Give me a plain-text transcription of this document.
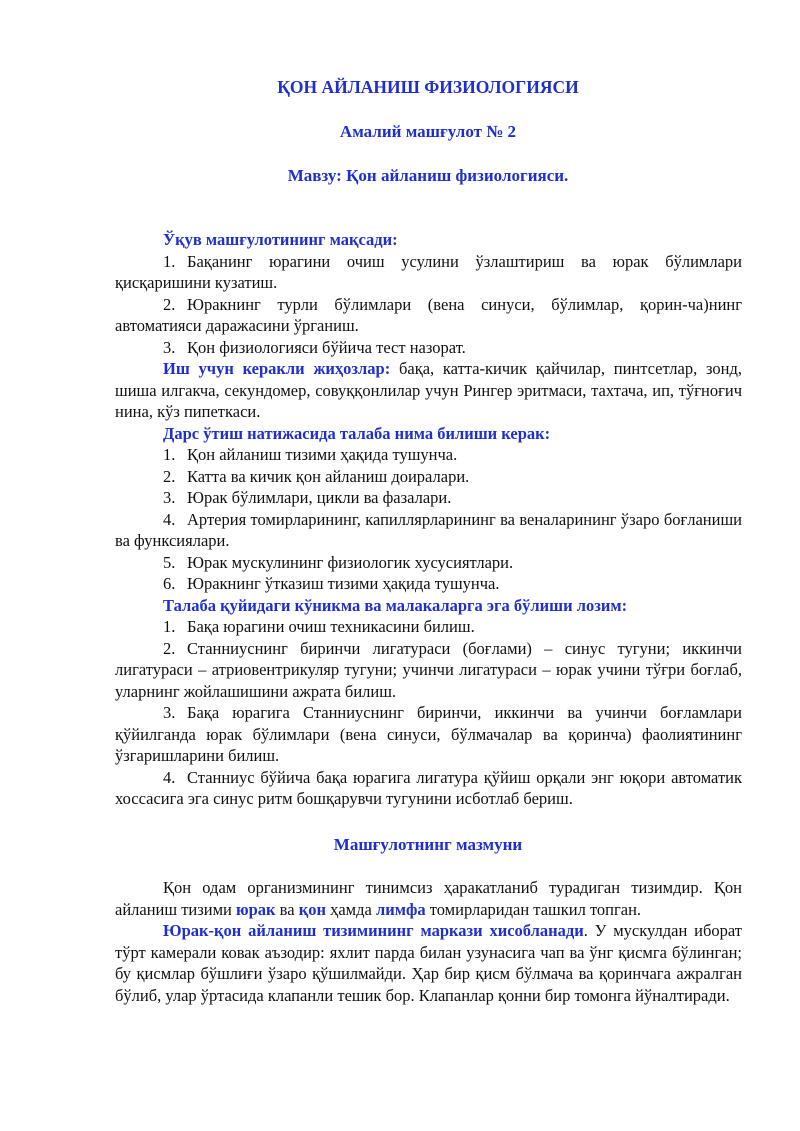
ҚОН АЙЛАНИШ ФИЗИОЛОГИЯСИ
Амалий машғулот № 2
Мавзу: Қон айланиш физиологияси.

Ўқув машғулотининг мақсади:

1. Бақанинг юрагини очиш усулини ўзлаштириш ва юрак бўлимлари қисқаришини кузатиш.

2. Юракнинг турли бўлимлари (вена синуси, бўлимлар, қорин-ча)нинг автоматияси даражасини ўрганиш.

3. Қон физиологияси бўйича тест назорат.

Иш учун керакли жиҳозлар: бақа, катта-кичик қайчилар, пинтсетлар, зонд, шиша илгакча, секундомер, совуққонлилар учун Рингер эритмаси, тахтача, ип, тўғноғич нина, кўз пипеткаси.

Дарс ўтиш натижасида талаба нима билиши керак:

1. Қон айланиш тизими ҳақида тушунча.

2. Катта ва кичик қон айланиш доиралари.

3. Юрак бўлимлари, цикли ва фазалари.

4. Артерия томирларининг, капиллярларининг ва веналарининг ўзаро боғланиши ва функсиялари.

5. Юрак мускулининг физиологик хусусиятлари.

6. Юракнинг ўтказиш тизими ҳақида тушунча.

Талаба қуйидаги кўникма ва малакаларга эга бўлиши лозим:

1. Бақа юрагини очиш техникасини билиш.

2. Станниуснинг биринчи лигатураси (боғлами) – синус тугуни; иккинчи лигатураси – атриовентрикуляр тугуни; учинчи лигатураси – юрак учини тўғри боғлаб, уларнинг жойлашишини ажрата билиш.

3. Бақа юрагига Станниуснинг биринчи, иккинчи ва учинчи боғламлари қўйилганда юрак бўлимлари (вена синуси, бўлмачалар ва қоринча) фаолиятининг ўзгаришларини билиш.

4. Станниус бўйича бақа юрагига лигатура қўйиш орқали энг юқори автоматик хоссасига эга синус ритм бошқарувчи тугунини исботлаб бериш.

Машғулотнинг мазмуни

Қон одам организмининг тинимсиз ҳаракатланиб турадиган тизимдир. Қон айланиш тизими юрак ва қон ҳамда лимфа томирларидан ташкил топган.

Юрак-қон айланиш тизимининг маркази хисобланади. У мускулдан иборат тўрт камерали ковак аъзодир: яхлит парда билан узунасига чап ва ўнг қисмга бўлинган; бу қисмлар бўшлиғи ўзаро қўшилмайди. Ҳар бир қисм бўлмача ва қоринчага ажралган бўлиб, улар ўртасида клапанли тешик бор. Клапанлар қонни бир томонга йўналтиради.
